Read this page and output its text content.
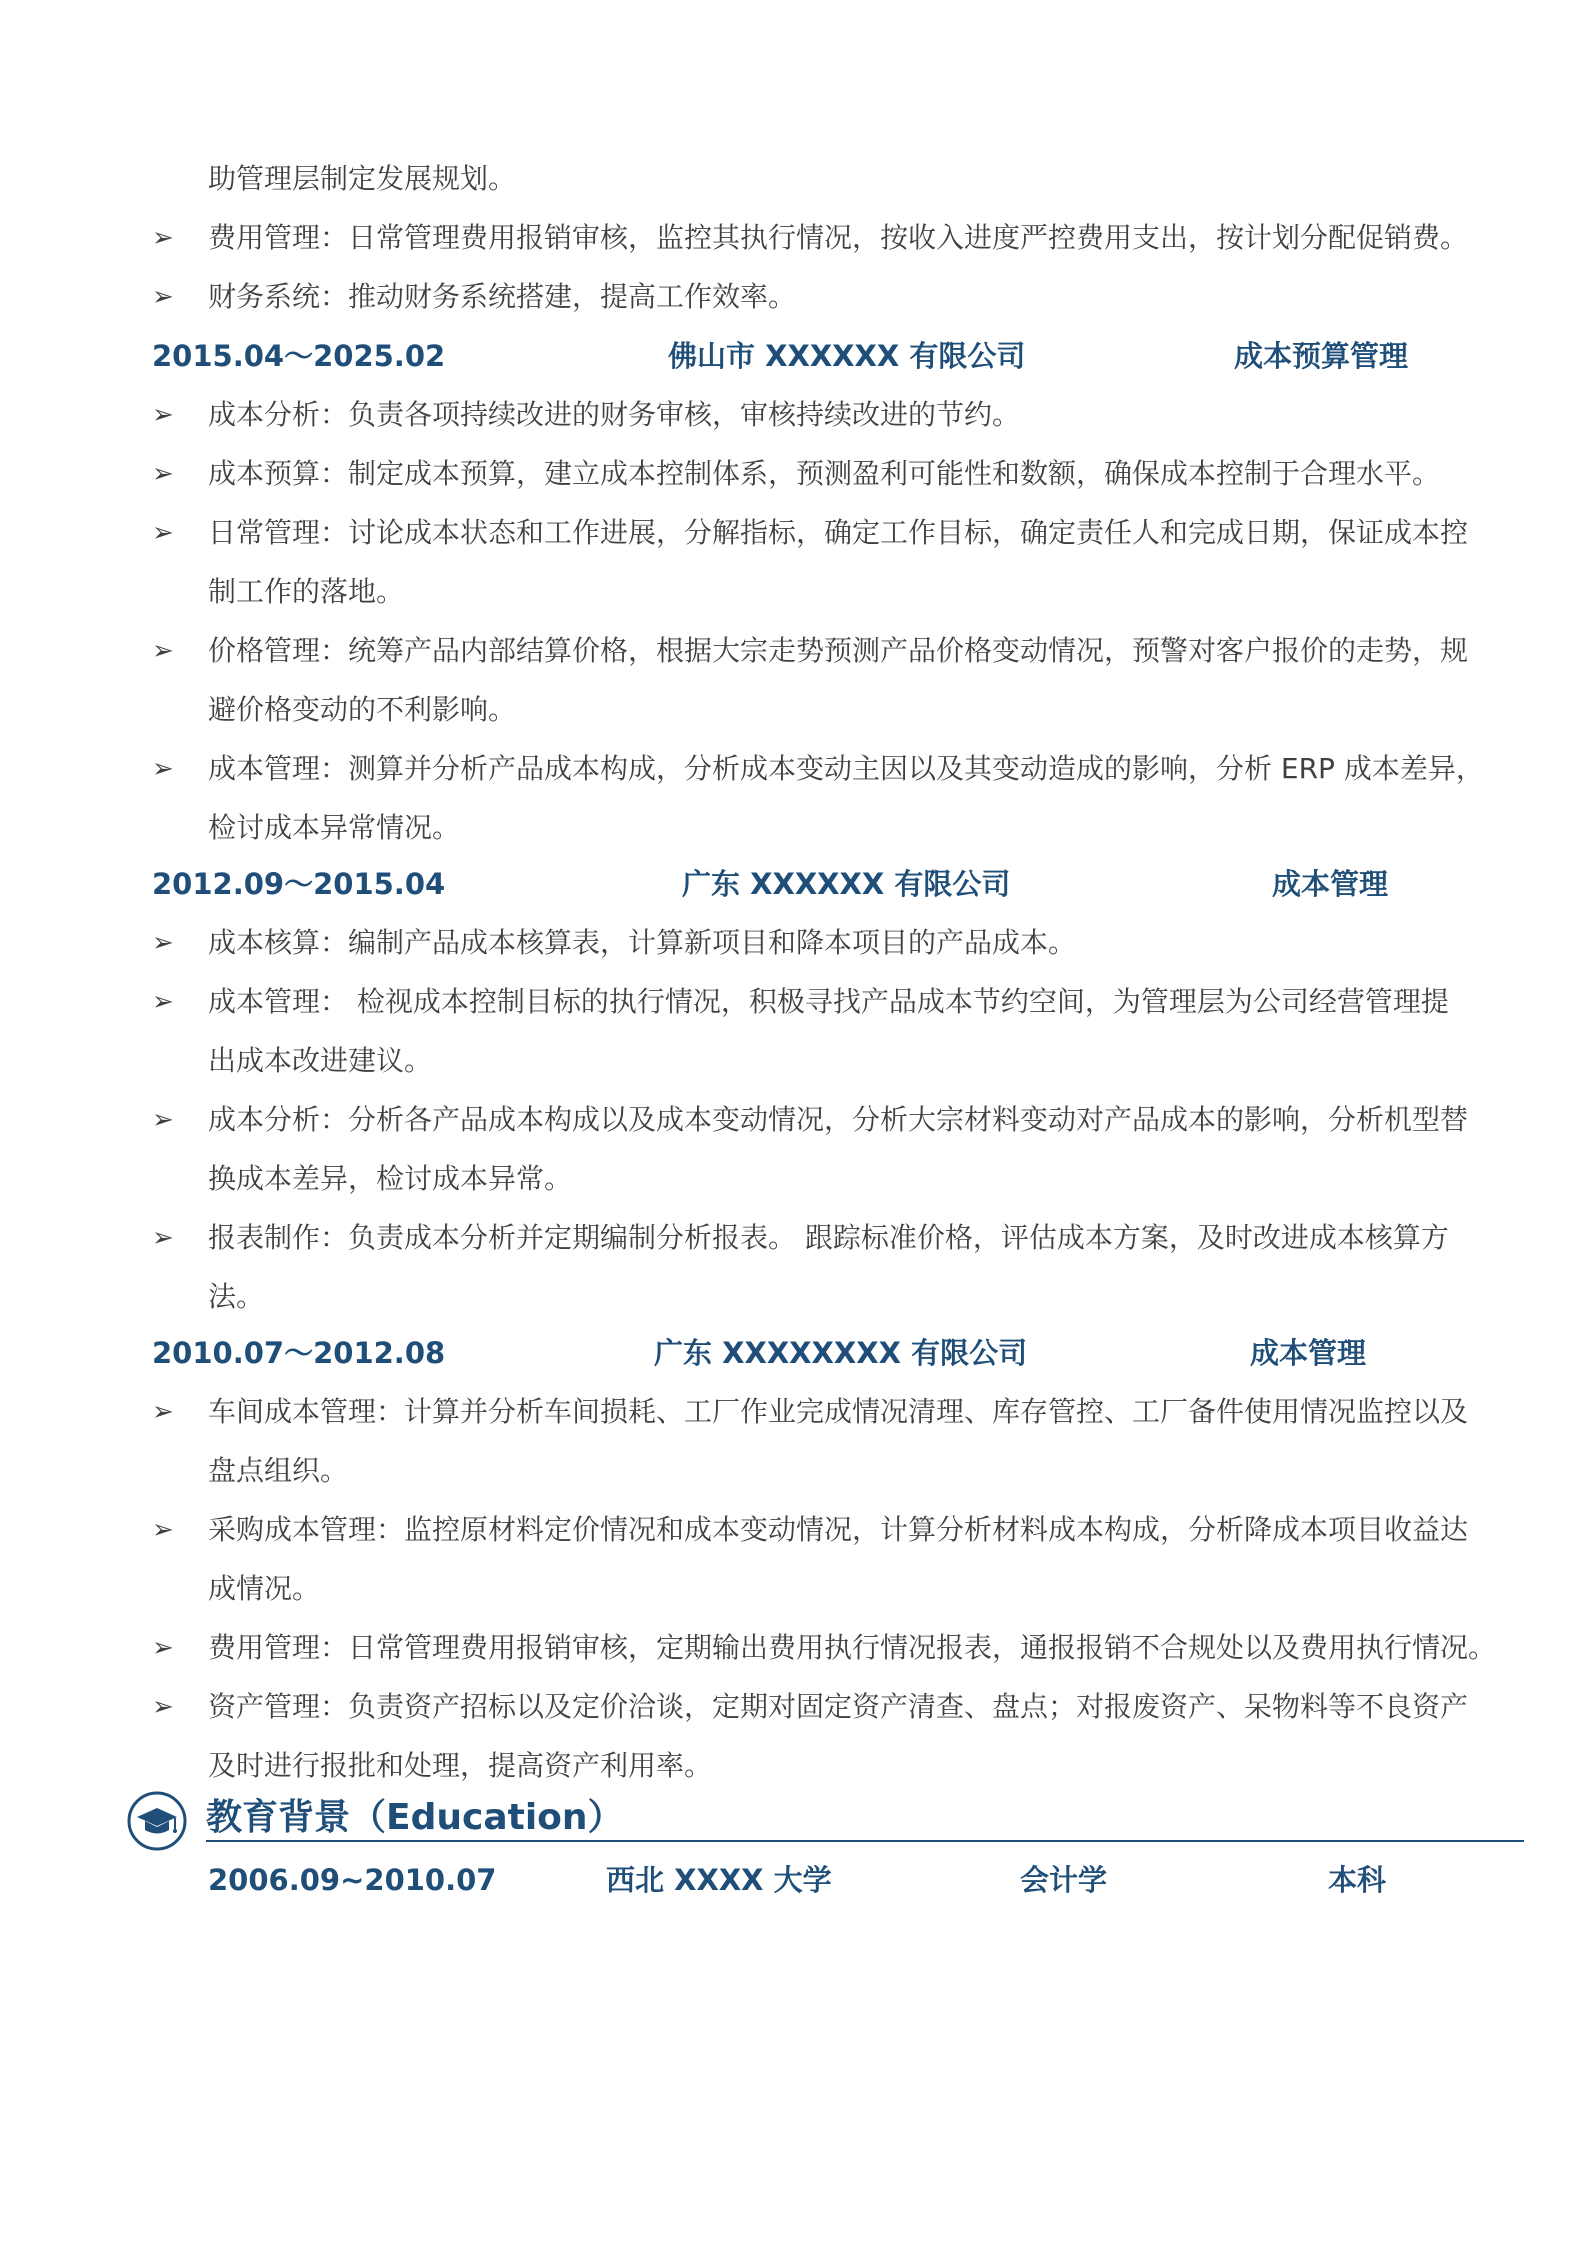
助管理层制定发展规划。
➢ 费用管理：日常管理费用报销审核，监控其执行情况，按收入进度严控费用支出，按计划分配促销费。
➢ 财务系统：推动财务系统搭建，提高工作效率。
2015.04～2025.02	佛山市 XXXXXX 有限公司	成本预算管理
➢ 成本分析：负责各项持续改进的财务审核，审核持续改进的节约。
➢ 成本预算：制定成本预算，建立成本控制体系，预测盈利可能性和数额，确保成本控制于合理水平。
➢ 日常管理：讨论成本状态和工作进展，分解指标，确定工作目标，确定责任人和完成日期，保证成本控
制工作的落地。
➢ 价格管理：统筹产品内部结算价格，根据大宗走势预测产品价格变动情况，预警对客户报价的走势，规
避价格变动的不利影响。
➢ 成本管理：测算并分析产品成本构成，分析成本变动主因以及其变动造成的影响，分析 ERP 成本差异，
检讨成本异常情况。
2012.09～2015.04	广东 XXXXXX 有限公司	成本管理
➢ 成本核算：编制产品成本核算表，计算新项目和降本项目的产品成本。
➢ 成本管理： 检视成本控制目标的执行情况，积极寻找产品成本节约空间，为管理层为公司经营管理提
出成本改进建议。
➢ 成本分析：分析各产品成本构成以及成本变动情况，分析大宗材料变动对产品成本的影响，分析机型替
换成本差异，检讨成本异常。
➢ 报表制作：负责成本分析并定期编制分析报表。 跟踪标准价格，评估成本方案，及时改进成本核算方
法。
2010.07～2012.08	广东 XXXXXXXX 有限公司	成本管理
➢ 车间成本管理：计算并分析车间损耗、工厂作业完成情况清理、库存管控、工厂备件使用情况监控以及
盘点组织。
➢ 采购成本管理：监控原材料定价情况和成本变动情况，计算分析材料成本构成，分析降成本项目收益达
成情况。
➢ 费用管理：日常管理费用报销审核，定期输出费用执行情况报表，通报报销不合规处以及费用执行情况。
➢ 资产管理：负责资产招标以及定价洽谈，定期对固定资产清查、盘点；对报废资产、呆物料等不良资产
及时进行报批和处理，提高资产利用率。
教育背景（Education）
2006.09~2010.07	西北 XXXX 大学	会计学	本科
